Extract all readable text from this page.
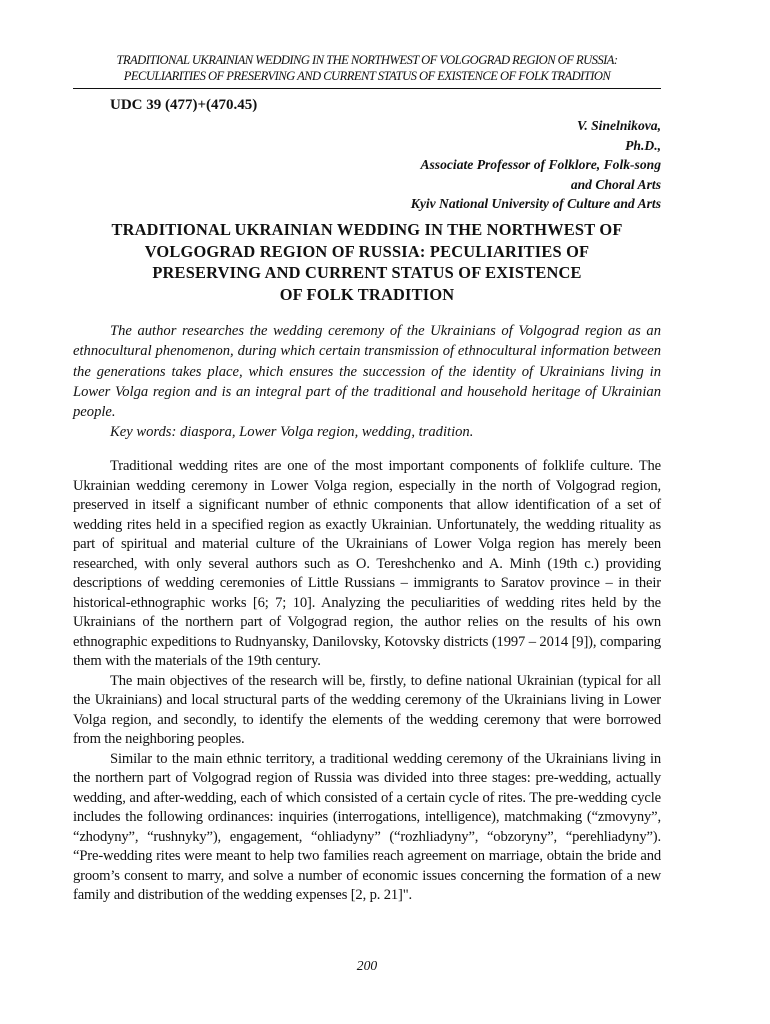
TRADITIONAL UKRAINIAN WEDDING IN THE NORTHWEST OF VOLGOGRAD REGION OF RUSSIA:
PECULIARITIES OF PRESERVING AND CURRENT STATUS OF EXISTENCE OF FOLK TRADITION
UDC 39 (477)+(470.45)
V. Sinelnikova,
Ph.D.,
Associate Professor of Folklore, Folk-song
and Choral Arts
Kyiv National University of Culture and Arts
TRADITIONAL UKRAINIAN WEDDING IN THE NORTHWEST OF
VOLGOGRAD REGION OF RUSSIA: PECULIARITIES OF
PRESERVING AND CURRENT STATUS OF EXISTENCE
OF FOLK TRADITION

The author researches the wedding ceremony of the Ukrainians of Volgograd region as an ethnocultural phenomenon, during which certain transmission of ethnocultural information between the generations takes place, which ensures the succession of the identity of Ukrainians living in Lower Volga region and is an integral part of the traditional and household heritage of Ukrainian people.

Key words: diaspora, Lower Volga region, wedding, tradition.

Traditional wedding rites are one of the most important components of folklife culture. The Ukrainian wedding ceremony in Lower Volga region, especially in the north of Volgograd region, preserved in itself a significant number of ethnic components that allow identification of a set of wedding rites held in a specified region as exactly Ukrainian. Unfortunately, the wedding rituality as part of spiritual and material culture of the Ukrainians of Lower Volga region has merely been researched, with only several authors such as O. Tereshchenko and A. Minh (19th c.) providing descriptions of wedding ceremonies of Little Russians – immigrants to Saratov province – in their historical-ethnographic works [6; 7; 10]. Analyzing the peculiarities of wedding rites held by the Ukrainians of the northern part of Volgograd region, the author relies on the results of his own ethnographic expeditions to Rudnyansky, Danilovsky, Kotovsky districts (1997 – 2014 [9]), comparing them with the materials of the 19th century.

The main objectives of the research will be, firstly, to define national Ukrainian (typical for all the Ukrainians) and local structural parts of the wedding ceremony of the Ukrainians living in Lower Volga region, and secondly, to identify the elements of the wedding ceremony that were borrowed from the neighboring peoples.

Similar to the main ethnic territory, a traditional wedding ceremony of the Ukrainians living in the northern part of Volgograd region of Russia was divided into three stages: pre-wedding, actually wedding, and after-wedding, each of which consisted of a certain cycle of rites. The pre-wedding cycle includes the following ordinances: inquiries (interrogations, intelligence), matchmaking (“zmovyny”, “zhodyny”, “rushnyky”), engagement, “ohliadyny” (“rozhliadyny”, “obzoryny”, “perehliadyny”). “Pre-wedding rites were meant to help two families reach agreement on marriage, obtain the bride and groom’s consent to marry, and solve a number of economic issues concerning the formation of a new family and distribution of the wedding expenses [2, p. 21]".

200
